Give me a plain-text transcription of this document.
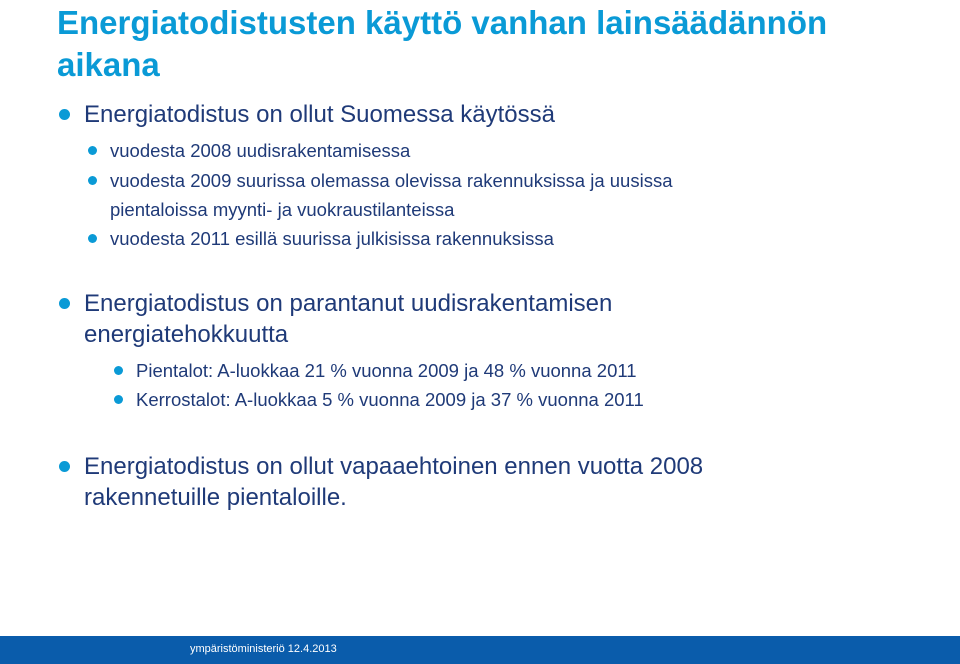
Energiatodistusten käyttö vanhan lainsäädännön
aikana
Energiatodistus on ollut Suomessa käytössä
vuodesta 2008 uudisrakentamisessa
vuodesta 2009 suurissa olemassa olevissa rakennuksissa ja uusissa
pientaloissa myynti- ja vuokraustilanteissa
vuodesta 2011 esillä suurissa julkisissa rakennuksissa
Energiatodistus on parantanut uudisrakentamisen
energiatehokkuutta
Pientalot: A-luokkaa 21 % vuonna 2009 ja 48 % vuonna 2011
Kerrostalot: A-luokkaa 5 % vuonna 2009 ja 37 % vuonna 2011
Energiatodistus on ollut vapaaehtoinen ennen vuotta 2008
rakennetuille pientaloille.
ympäristöministeriö 12.4.2013
